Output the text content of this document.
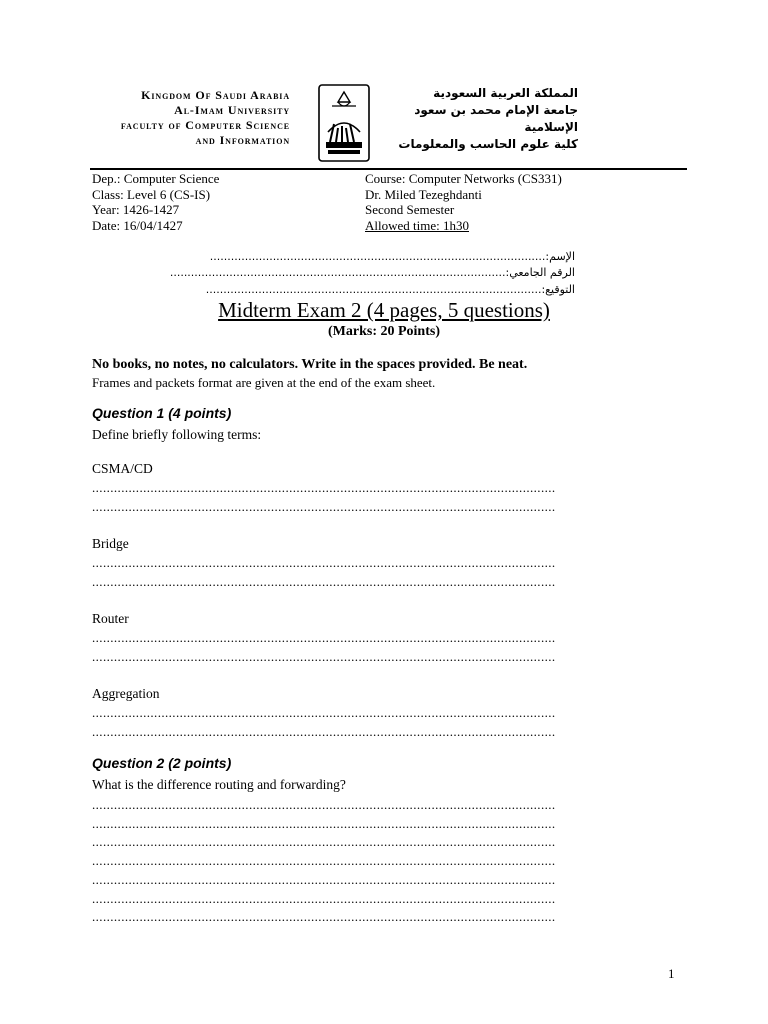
Kingdom Of Saudi Arabia
Al-Imam University
faculty of Computer Science
and Information
المملكة العربية السعودية
جامعة الإمام محمد بن سعود الإسلامية
كلية علوم الحاسب والمعلومات
Dep.: Computer Science
Class: Level 6 (CS-IS)
Year: 1426-1427
Date: 16/04/1427
Course: Computer Networks (CS331)
Dr. Miled Tezeghdanti
Second Semester
Allowed time: 1h30
الإسم:................................................................................................
الرقم الجامعي:................................................................................................
التوقيع:................................................................................................
Midterm Exam 2 (4 pages, 5 questions)
(Marks: 20 Points)
No books, no notes, no calculators. Write in the spaces provided. Be neat.
Frames and packets format are given at the end of the exam sheet.
Question 1 (4 points)
Define briefly following terms:
CSMA/CD
...............................................................................................................................
...............................................................................................................................
Bridge
...............................................................................................................................
...............................................................................................................................
Router
...............................................................................................................................
...............................................................................................................................
Aggregation
...............................................................................................................................
...............................................................................................................................
Question 2 (2 points)
What is the difference routing and forwarding?
...............................................................................................................................
...............................................................................................................................
...............................................................................................................................
...............................................................................................................................
...............................................................................................................................
...............................................................................................................................
...............................................................................................................................
1
